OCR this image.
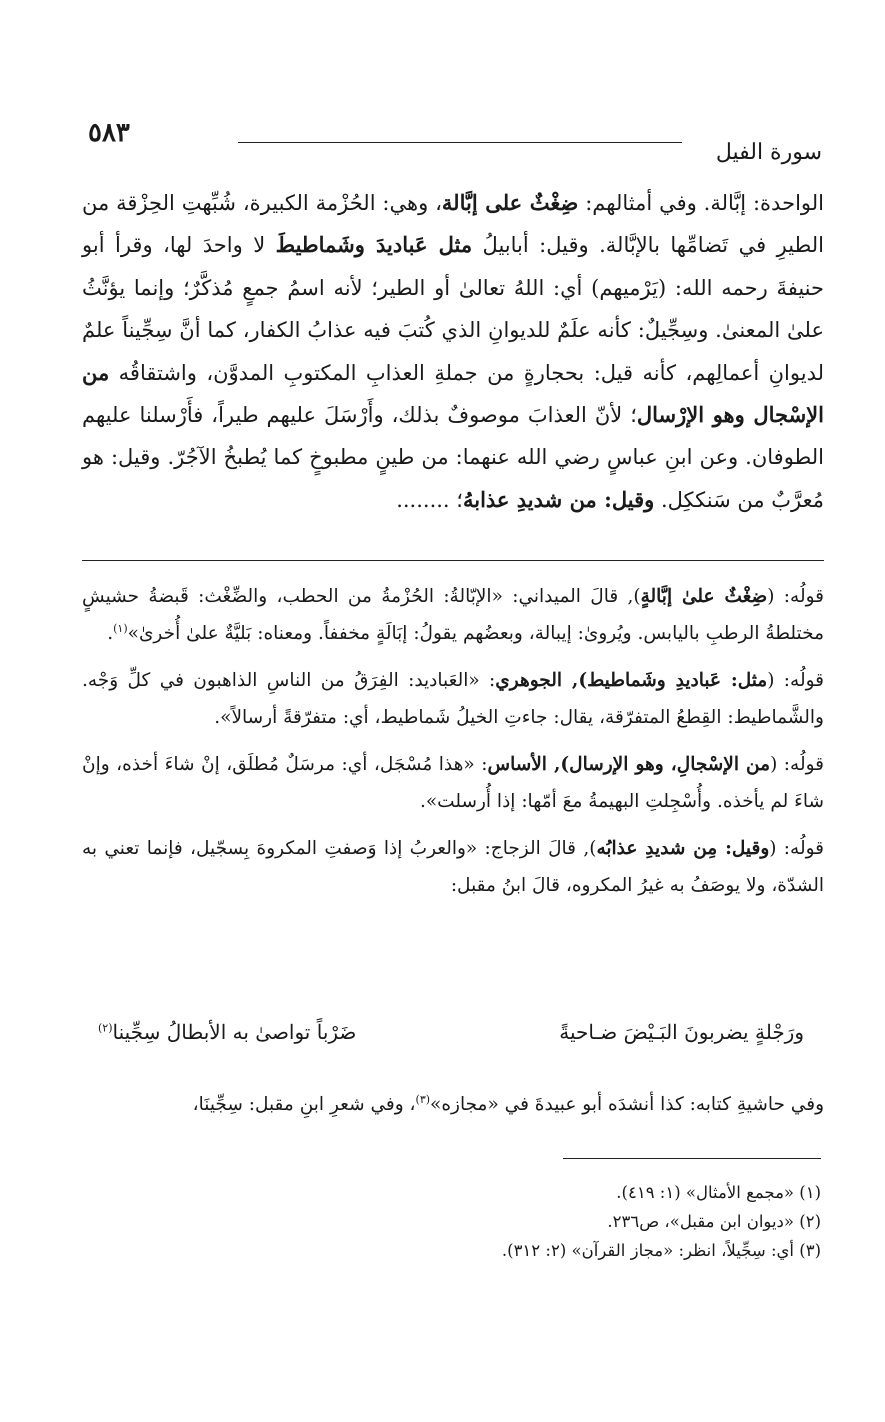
٥٨٣
سورة الفيل
الواحدة: إبَّالة. وفي أمثالهم: ضِغْثٌ على إبَّالة، وهي: الحُزْمة الكبيرة، شُبِّهتِ الحِزْقة من الطيرِ في تَضامِّها بالإبَّالة. وقيل: أبابيلُ مثل عَباديدَ وشَماطيطَ لا واحدَ لها، وقرأ أبو حنيفةَ رحمه الله: (يَرْميهم) أي: اللهُ تعالىٰ أو الطير؛ لأنه اسمُ جمعٍ مُذكَّرٌ؛ وإنما يؤنَّثُ علىٰ المعنىٰ. وسِجِّيلٌ: كأنه علَمٌ للديوانِ الذي كُتبَ فيه عذابُ الكفار، كما أنَّ سِجِّيناً علمٌ لديوانِ أعمالِهم، كأنه قيل: بحجارةٍ من جملةِ العذابِ المكتوبِ المدوَّن، واشتقاقُه من الإسْجال وهو الإرْسال؛ لأنّ العذابَ موصوفٌ بذلك، وأَرْسَلَ عليهم طيراً، فأَرْسلنا عليهم الطوفان. وعن ابنِ عباسٍ رضي الله عنهما: من طينٍ مطبوخٍ كما يُطبخُ الآجُرّ. وقيل: هو مُعرَّبٌ من سَنككِل. وقيل: من شديدِ عذابهُ؛ ........

قولُه: (ضِغْثٌ علىٰ إبَّالةٍ), قالَ الميداني: «الإبّالةُ: الحُزْمةُ من الحطب، والضِّغْث: قَبضةُ حشيشٍ مختلطةُ الرطبِ باليابس. ويُروىٰ: إيبالة، وبعضُهم يقولُ: إبَالَةٍ مخففاً. ومعناه: بَليَّةٌ علىٰ أُخرىٰ»$^{(١)}$.

قولُه: (مثل: عَباديدِ وشَماطيط), الجوهري: «العَباديد: الفِرَقُ من الناسِ الذاهبون في كلِّ وَجْه. والشَّماطيط: القِطعُ المتفرّقة، يقال: جاءتِ الخيلُ شَماطيط، أي: متفرّقةً أرسالاً».

قولُه: (من الإسْجالِ، وهو الإرسال), الأساس: «هذا مُسْجَل، أي: مرسَلٌ مُطلَق، إنْ شاءَ أخذه، وإنْ شاءَ لم يأخذه. وأُسْجِلتِ البهيمةُ معَ أمّها: إذا أُرسلت».

قولُه: (وقيل: مِن شديدِ عذابُه), قالَ الزجاج: «والعربُ إذا وَصفتِ المكروهَ بِسجّيل، فإنما تعني به الشدّة، ولا يوصَفُ به غيرُ المكروه، قالَ ابنُ مقبل:

ورَجْلةٍ يضربونَ البَـيْضَ ضـاحيةً
ضَرْباً تواصىٰ به الأبطالُ سِجِّينا$^{(٢)}$
وفي حاشيةِ كتابه: كذا أنشدَه أبو عبيدةَ في «مجازه»$^{(٣)}$، وفي شعرِ ابنِ مقبل: سِجِّينَا،

(١) «مجمع الأمثال» (١: ٤١٩).

(٢) «ديوان ابن مقبل»، ص٢٣٦.

(٣) أي: سِجِّيلاً، انظر: «مجاز القرآن» (٢: ٣١٢).
